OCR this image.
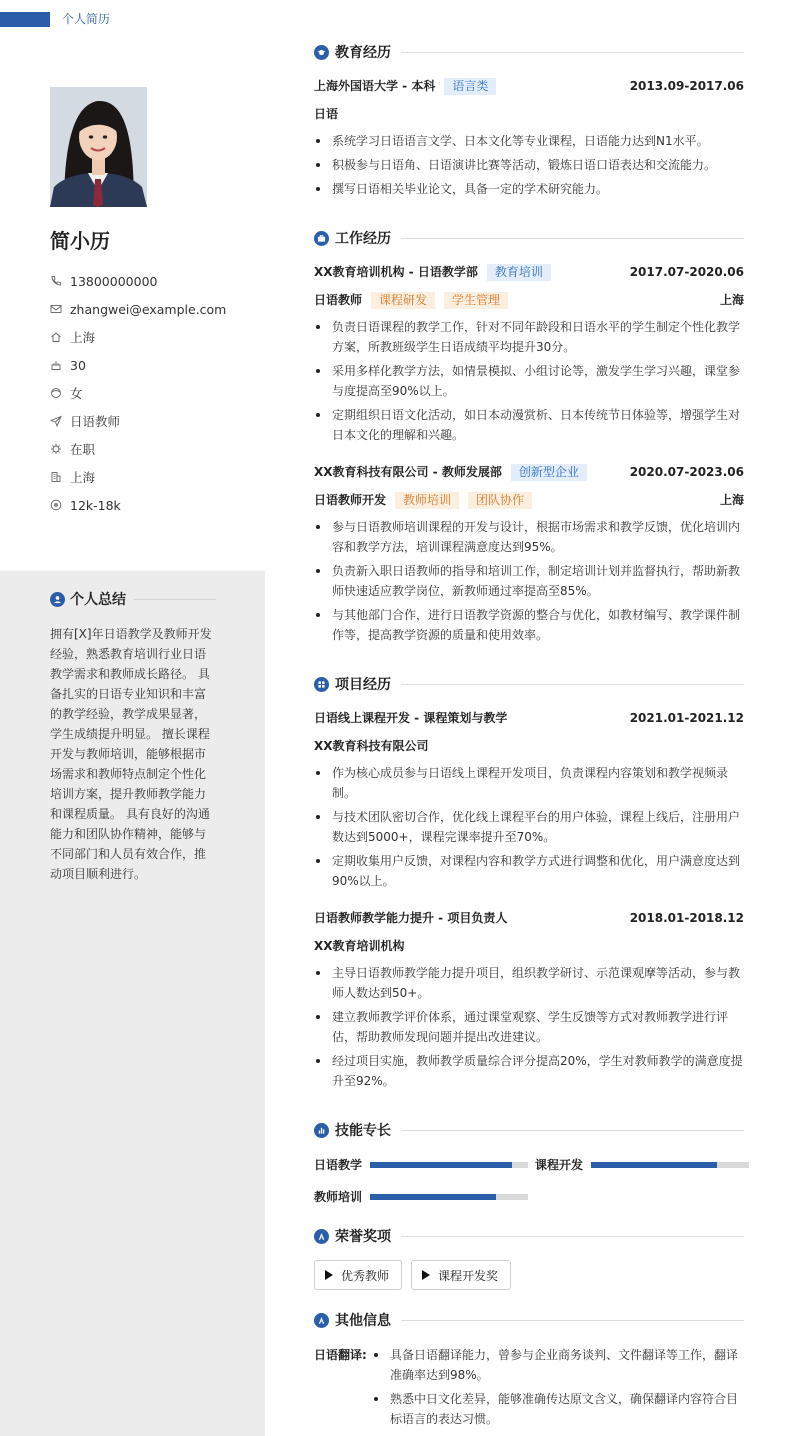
个人简历
简小历
13800000000
zhangwei@example.com
上海
30
女
日语教师
在职
上海
12k-18k
个人总结
拥有[X]年日语教学及教师开发经验，熟悉教育培训行业日语教学需求和教师成长路径。 具备扎实的日语专业知识和丰富的教学经验，教学成果显著，学生成绩提升明显。 擅长课程开发与教师培训，能够根据市场需求和教师特点制定个性化培训方案，提升教师教学能力和课程质量。 具有良好的沟通能力和团队协作精神，能够与不同部门和人员有效合作，推动项目顺利进行。
教育经历
上海外国语大学 - 本科	语言类	2013.09-2017.06
日语
系统学习日语语言文学、日本文化等专业课程，日语能力达到N1水平。
积极参与日语角、日语演讲比赛等活动，锻炼日语口语表达和交流能力。
撰写日语相关毕业论文，具备一定的学术研究能力。
工作经历
XX教育培训机构 - 日语教学部	教育培训	2017.07-2020.06
日语教师	课程研发	学生管理	上海
负责日语课程的教学工作，针对不同年龄段和日语水平的学生制定个性化教学方案，所教班级学生日语成绩平均提升30分。
采用多样化教学方法，如情景模拟、小组讨论等，激发学生学习兴趣，课堂参与度提高至90%以上。
定期组织日语文化活动，如日本动漫赏析、日本传统节日体验等，增强学生对日本文化的理解和兴趣。
XX教育科技有限公司 - 教师发展部	创新型企业	2020.07-2023.06
日语教师开发	教师培训	团队协作	上海
参与日语教师培训课程的开发与设计，根据市场需求和教学反馈，优化培训内容和教学方法，培训课程满意度达到95%。
负责新入职日语教师的指导和培训工作，制定培训计划并监督执行，帮助新教师快速适应教学岗位，新教师通过率提高至85%。
与其他部门合作，进行日语教学资源的整合与优化，如教材编写、教学课件制作等，提高教学资源的质量和使用效率。
项目经历
日语线上课程开发 - 课程策划与教学	2021.01-2021.12
XX教育科技有限公司
作为核心成员参与日语线上课程开发项目，负责课程内容策划和教学视频录制。
与技术团队密切合作，优化线上课程平台的用户体验，课程上线后，注册用户数达到5000+，课程完课率提升至70%。
定期收集用户反馈，对课程内容和教学方式进行调整和优化，用户满意度达到90%以上。
日语教师教学能力提升 - 项目负责人	2018.01-2018.12
XX教育培训机构
主导日语教师教学能力提升项目，组织教学研讨、示范课观摩等活动，参与教师人数达到50+。
建立教师教学评价体系，通过课堂观察、学生反馈等方式对教师教学进行评估，帮助教师发现问题并提出改进建议。
经过项目实施，教师教学质量综合评分提高20%，学生对教师教学的满意度提升至92%。
技能专长
日语教学	课程开发
教师培训
荣誉奖项
优秀教师	课程开发奖
其他信息
日语翻译:	具备日语翻译能力，曾参与企业商务谈判、文件翻译等工作，翻译准确率达到98%。
熟悉中日文化差异，能够准确传达原文含义，确保翻译内容符合目标语言的表达习惯。
